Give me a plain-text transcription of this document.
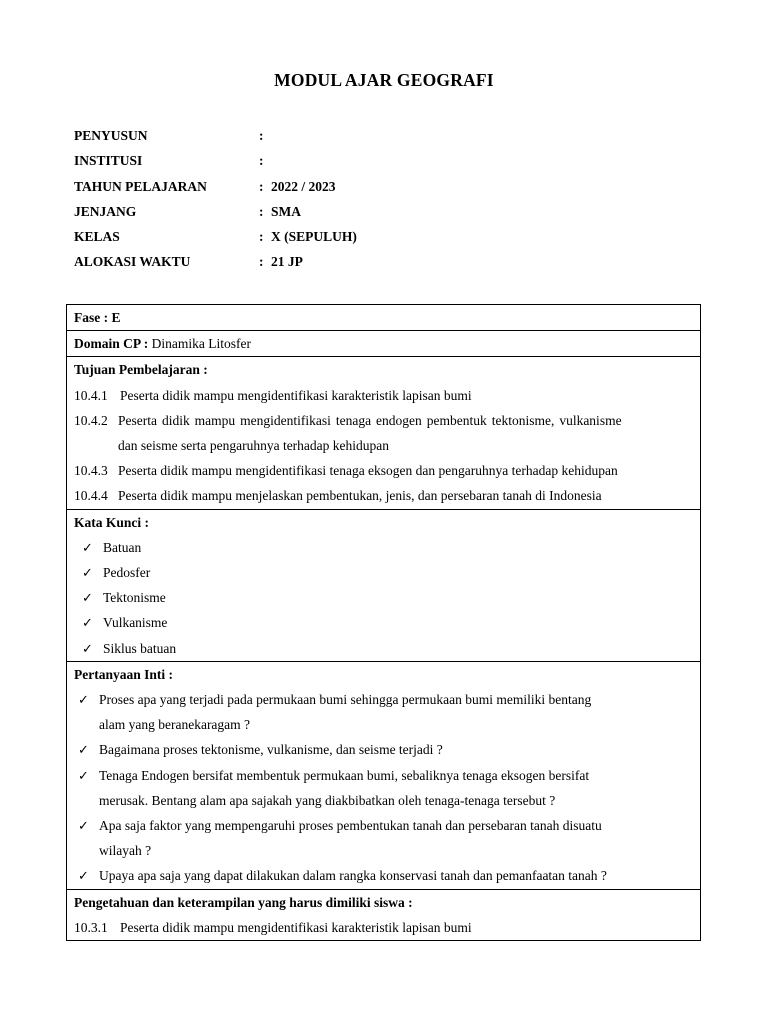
MODUL AJAR GEOGRAFI
PENYUSUN	:
INSTITUSI	:
TAHUN PELAJARAN	: 2022 / 2023
JENJANG	: SMA
KELAS	: X (SEPULUH)
ALOKASI WAKTU	: 21 JP
Fase : E
Domain CP : Dinamika Litosfer
Tujuan Pembelajaran :
10.4.1 Peserta didik mampu mengidentifikasi karakteristik lapisan bumi
10.4.2 Peserta didik mampu mengidentifikasi tenaga endogen pembentuk tektonisme, vulkanisme
dan seisme serta pengaruhnya terhadap kehidupan
10.4.3 Peserta didik mampu mengidentifikasi tenaga eksogen dan pengaruhnya terhadap kehidupan
10.4.4 Peserta didik mampu menjelaskan pembentukan, jenis, dan persebaran tanah di Indonesia
Kata Kunci :
✓ Batuan
✓ Pedosfer
✓ Tektonisme
✓ Vulkanisme
✓ Siklus batuan
Pertanyaan Inti :
✓ Proses apa yang terjadi pada permukaan bumi sehingga permukaan bumi memiliki bentang
alam yang beranekaragam ?
✓ Bagaimana proses tektonisme, vulkanisme, dan seisme terjadi ?
✓ Tenaga Endogen bersifat membentuk permukaan bumi, sebaliknya tenaga eksogen bersifat
merusak. Bentang alam apa sajakah yang diakbibatkan oleh tenaga-tenaga tersebut ?
✓ Apa saja faktor yang mempengaruhi proses pembentukan tanah dan persebaran tanah disuatu
wilayah ?
✓ Upaya apa saja yang dapat dilakukan dalam rangka konservasi tanah dan pemanfaatan tanah ?
Pengetahuan dan keterampilan yang harus dimiliki siswa :
10.3.1 Peserta didik mampu mengidentifikasi karakteristik lapisan bumi
